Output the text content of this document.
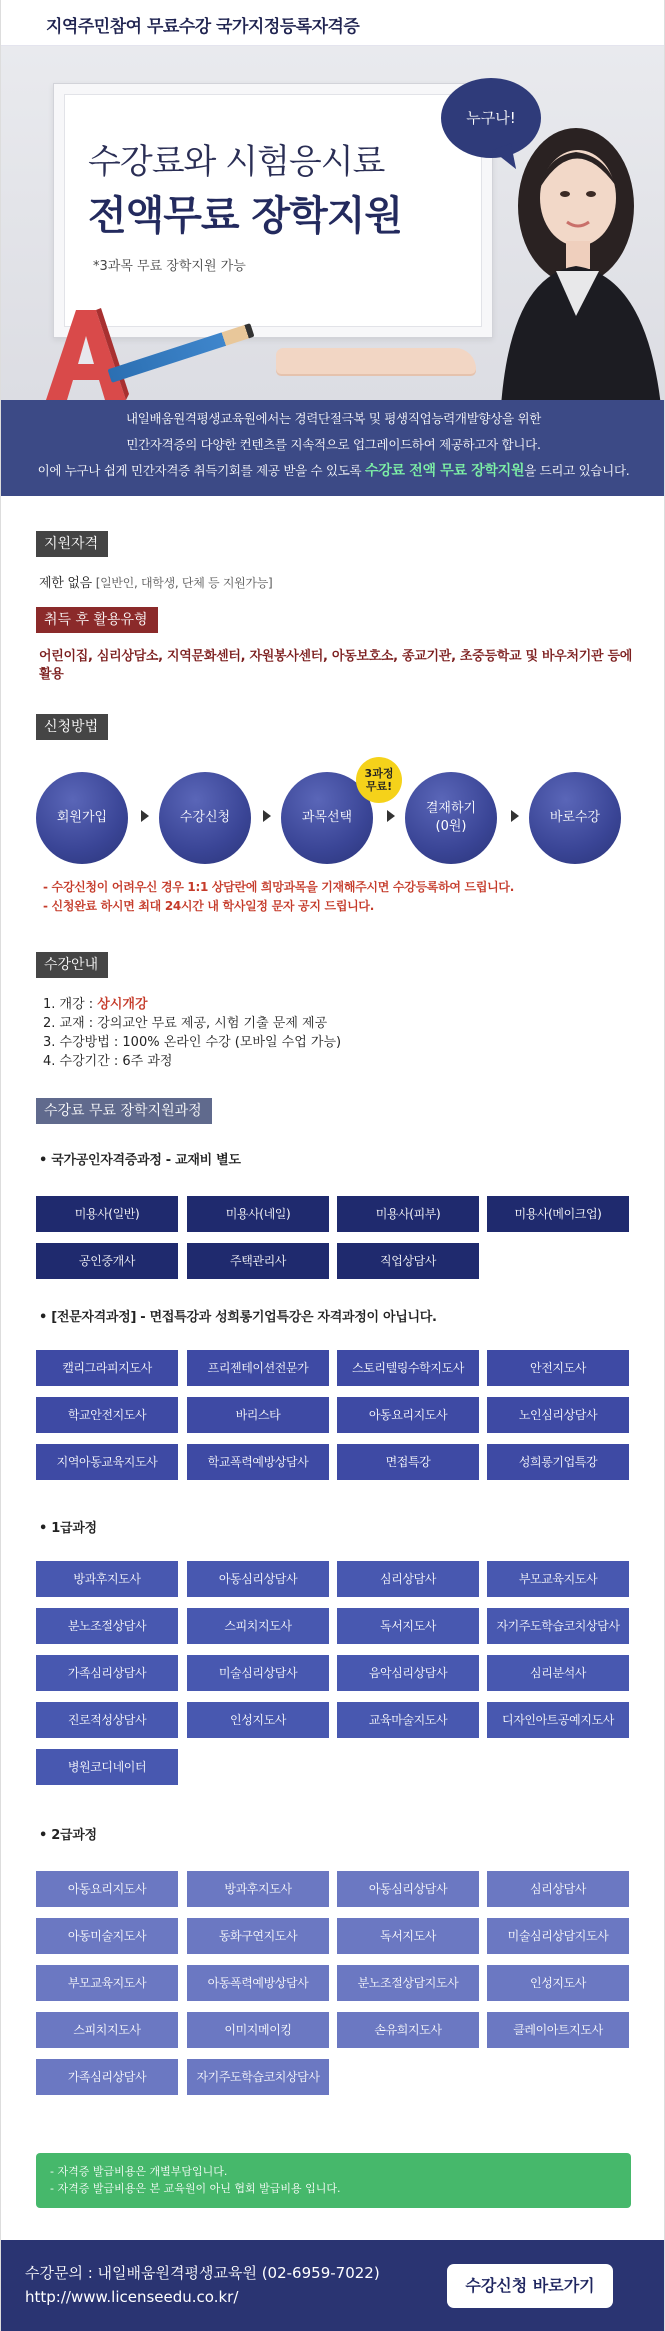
지역주민참여 무료수강 국가지정등록자격증
수강료와 시험응시료
전액무료 장학지원
*3과목 무료 장학지원 가능
누구나!

내일배움원격평생교육원에서는 경력단절극복 및 평생직업능력개발향상을 위한

민간자격증의 다양한 컨텐츠를 지속적으로 업그레이드하여 제공하고자 합니다.

이에 누구나 쉽게 민간자격증 취득기회를 제공 받을 수 있도록 수강료 전액 무료 장학지원을 드리고 있습니다.

지원자격
제한 없음 [일반인, 대학생, 단체 등 지원가능]
취득 후 활용유형
어린이집, 심리상담소, 지역문화센터, 자원봉사센터, 아동보호소, 종교기관, 초중등학교 및 바우처기관 등에 활용
신청방법
회원가입	수강신청	과목선택
3과정
무료!
결재하기
(0원)
바로수강
- 수강신청이 어려우신 경우 1:1 상담란에 희망과목을 기재해주시면 수강등록하여 드립니다.
- 신청완료 하시면 최대 24시간 내 학사일정 문자 공지 드립니다.
수강안내
1. 개강 : 상시개강
2. 교재 : 강의교안 무료 제공, 시험 기출 문제 제공
3. 수강방법 : 100% 온라인 수강 (모바일 수업 가능)
4. 수강기간 : 6주 과정
수강료 무료 장학지원과정
• 국가공인자격증과정 - 교재비 별도
미용사(일반)	미용사(네일)	미용사(피부)	미용사(메이크업)
공인중개사	주택관리사	직업상담사
• [전문자격과정] - 면접특강과 성희롱기업특강은 자격과정이 아닙니다.
캘리그라피지도사	프리젠테이션전문가	스토리텔링수학지도사	안전지도사
학교안전지도사	바리스타	아동요리지도사	노인심리상담사
지역아동교육지도사	학교폭력예방상담사	면접특강	성희롱기업특강
• 1급과정
방과후지도사	아동심리상담사	심리상담사	부모교육지도사
분노조절상담사	스피치지도사	독서지도사	자기주도학습코치상담사
가족심리상담사	미술심리상담사	음악심리상담사	심리분석사
진로적성상담사	인성지도사	교육마술지도사	디자인아트공예지도사
병원코디네이터
• 2급과정
아동요리지도사	방과후지도사	아동심리상담사	심리상담사
아동미술지도사	동화구연지도사	독서지도사	미술심리상담지도사
부모교육지도사	아동폭력예방상담사	분노조절상담지도사	인성지도사
스피치지도사	이미지메이킹	손유희지도사	클레이아트지도사
가족심리상담사	자기주도학습코치상담사
- 자격증 발급비용은 개별부담입니다.
- 자격증 발급비용은 본 교육원이 아닌 협회 발급비용 입니다.
수강문의 : 내일배움원격평생교육원 (02-6959-7022)
http://www.licenseedu.co.kr/
수강신청 바로가기
